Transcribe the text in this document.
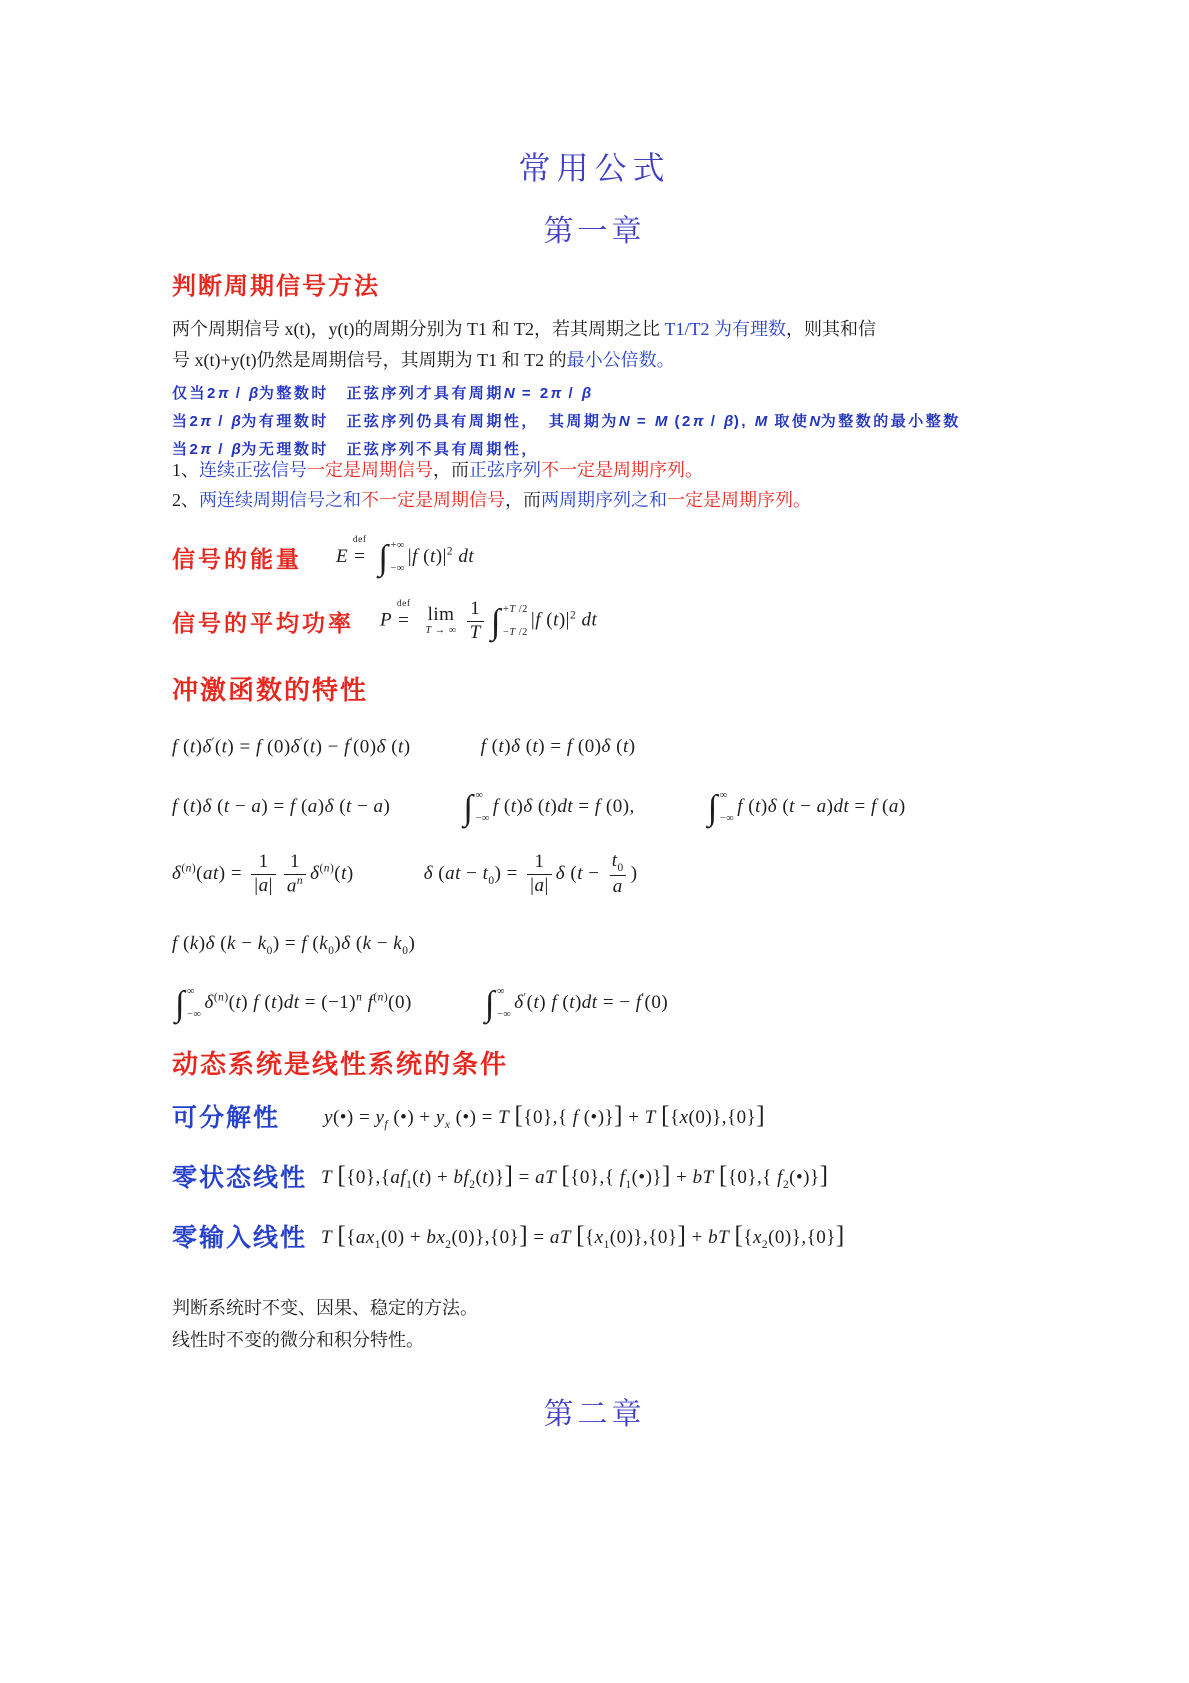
常用公式
第一章
判断周期信号方法
两个周期信号 x(t)，y(t)的周期分别为 T1 和 T2，若其周期之比 T1/T2 为有理数，则其和信
号 x(t)+y(t)仍然是周期信号，其周期为 T1 和 T2 的最小公倍数。
仅当2π / β为整数时　正弦序列才具有周期N = 2π / β
当2π / β为有理数时　正弦序列仍具有周期性，　其周期为N = M (2π / β), M 取使N为整数的最小整数
当2π / β为无理数时　正弦序列不具有周期性，
1、连续正弦信号一定是周期信号，而正弦序列不一定是周期序列。
2、两连续周期信号之和不一定是周期信号，而两周期序列之和一定是周期序列。
信号的能量 E =
def ∫ +∞
−∞
|f $(t)|^2$ dt
信号的平均功率 P =
def lim
T → ∞ $\frac{1}{T}$ ∫ +T /2
−T /2
|f $(t)|^2$ dt
冲激函数的特性
f (t)δ′(t) = f (0)δ′(t) − f′(0)δ (t)	f (t)δ (t) = f (0)δ (t)
f (t)δ (t − a) = f (a)δ (t − a) ∫ ∞
−∞
f (t)δ (t)dt = f (0), ∫ ∞
−∞
f (t)δ (t − a)dt = f (a)
$\delta^{(n)}(at) = \frac{1}{|a|} \frac{1}{a^n} \delta^{(n)}(t)$	δ $(at - t_0) = \frac{1}{|a|}$ δ ($t - \frac{t_0}{a}$ )
f (k)δ $(k - k_0) = f$ $(k_0)\delta$ $(k - k_0)$
∫ ∞
−∞
$\delta^{(n)}(t)$ f $(t)dt = (-1)^n$ $f^{(n)}(0)$ ∫ ∞
−∞
δ′(t) f (t)dt = − f′(0)
动态系统是线性系统的条件
可分解性 y(•) = $y_f$ (•) + $y_x$ (•) = T [{0},{ f (•)}] + T [{x(0)},{0}]
零状态线性 T $[\{0\},\{af_1(t) + bf_2(t)\}]$ = aT [{0},{ $f_1(•)$}] + bT [{0},{ $f_2(•)$}]
零输入线性 T $[\{ax_1(0) + bx_2(0)\},\{0\}]$ = aT $[\{x_1(0)\},\{0\}]$ + bT $[\{x_2(0)\},\{0\}]$
判断系统时不变、因果、稳定的方法。
线性时不变的微分和积分特性。
第二章
